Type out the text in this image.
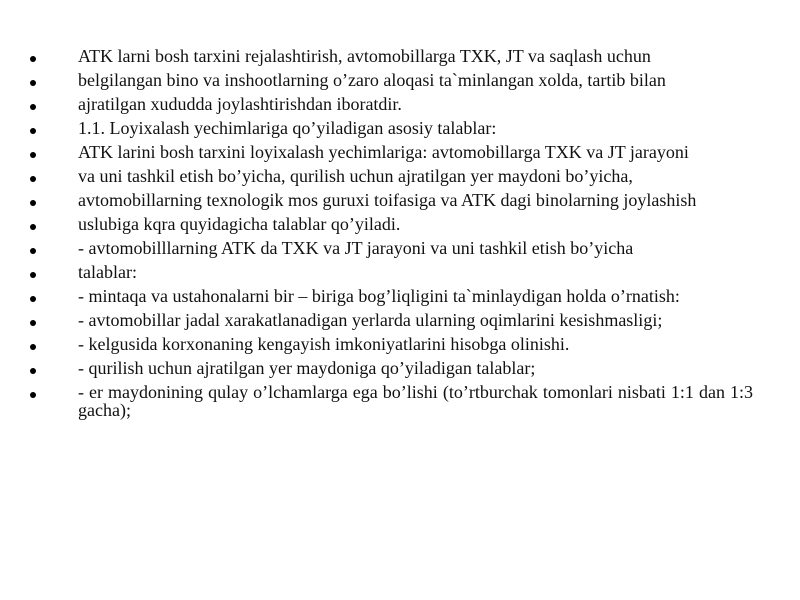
ATK larni bosh tarxini rejalashtirish, avtomobillarga TXK, JT va saqlash uchun
belgilangan bino va inshootlarning o’zaro aloqasi ta`minlangan xolda, tartib bilan
ajratilgan xududda joylashtirishdan iboratdir.
1.1. Loyixalash yechimlariga qo’yiladigan asosiy talablar:
ATK larini bosh tarxini loyixalash yechimlariga: avtomobillarga TXK va JT jarayoni
va uni tashkil etish bo’yicha, qurilish uchun ajratilgan yer maydoni bo’yicha,
avtomobillarning texnologik mos guruxi toifasiga va ATK dagi binolarning joylashish
uslubiga kqra quyidagicha talablar qo’yiladi.
- avtomobilllarning ATK da TXK va JT jarayoni va uni tashkil etish bo’yicha
talablar:
- mintaqa va ustahonalarni bir – biriga bog’liqligini ta`minlaydigan holda o’rnatish:
- avtomobillar jadal xarakatlanadigan yerlarda ularning oqimlarini kesishmasligi;
- kelgusida korxonaning kengayish imkoniyatlarini hisobga olinishi.
- qurilish uchun ajratilgan yer maydoniga qo’yiladigan talablar;
- er maydonining qulay o’lchamlarga ega bo’lishi (to’rtburchak tomonlari nisbati 1:1 dan 1:3 gacha);
